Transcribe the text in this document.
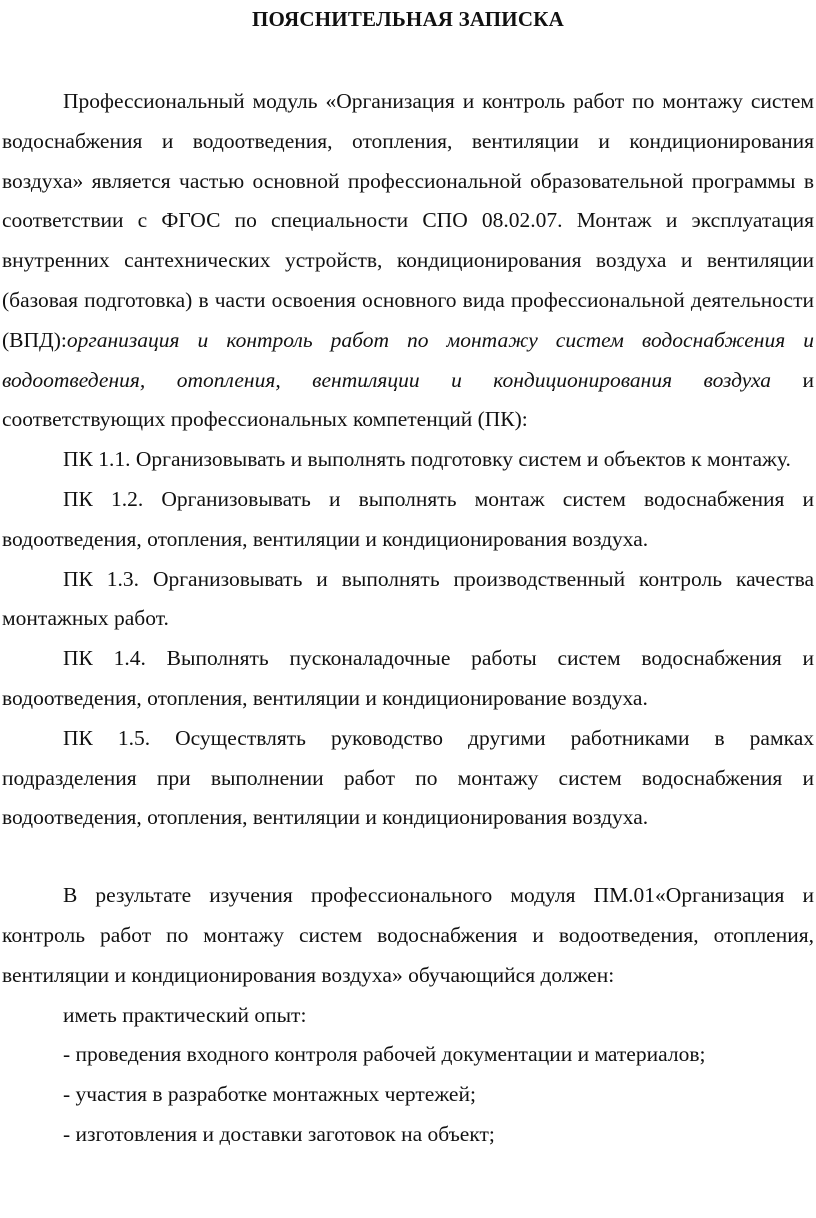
ПОЯСНИТЕЛЬНАЯ ЗАПИСКА

Профессиональный модуль «Организация и контроль работ по монтажу систем водоснабжения и водоотведения, отопления, вентиляции и кондиционирования воздуха» является частью основной профессиональной образовательной программы в соответствии с ФГОС по специальности СПО 08.02.07. Монтаж и эксплуатация внутренних сантехнических устройств, кондиционирования воздуха и вентиляции (базовая подготовка) в части освоения основного вида профессиональной деятельности (ВПД):организация и контроль работ по монтажу систем водоснабжения и водоотведения, отопления, вентиляции и кондиционирования воздуха и соответствующих профессиональных компетенций (ПК):

ПК 1.1. Организовывать и выполнять подготовку систем и объектов к монтажу.

ПК 1.2. Организовывать и выполнять монтаж систем водоснабжения и водоотведения, отопления, вентиляции и кондиционирования воздуха.

ПК 1.3. Организовывать и выполнять производственный контроль качества монтажных работ.

ПК 1.4. Выполнять пусконаладочные работы систем водоснабжения и водоотведения, отопления, вентиляции и кондиционирование воздуха.

ПК 1.5. Осуществлять руководство другими работниками в рамках подразделения при выполнении работ по монтажу систем водоснабжения и водоотведения, отопления, вентиляции и кондиционирования воздуха.

В результате изучения профессионального модуля ПМ.01«Организация и контроль работ по монтажу систем водоснабжения и водоотведения, отопления, вентиляции и кондиционирования воздуха» обучающийся должен:

иметь практический опыт:

- проведения входного контроля рабочей документации и материалов;

- участия в разработке монтажных чертежей;

- изготовления и доставки заготовок на объект;
